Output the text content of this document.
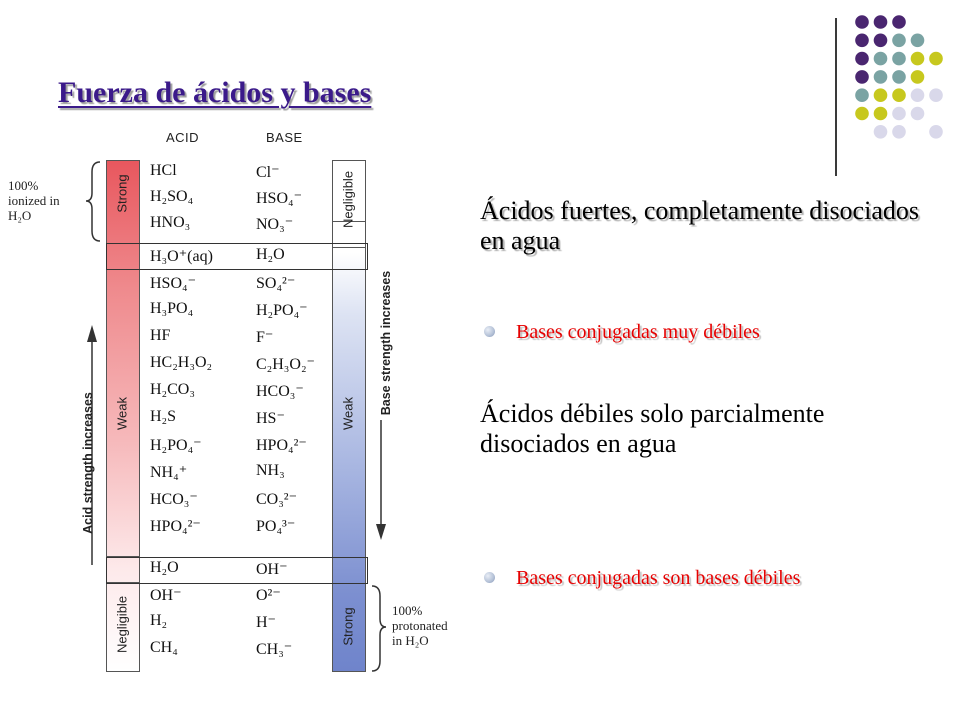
Fuerza de ácidos y bases
ACID	BASE
Strong
Weak
Negligible
Negligible
Weak
Strong
HCl	Cl⁻
H₂SO₄	HSO₄⁻
HNO₃	NO₃⁻
H₃O⁺(aq)	H₂O
HSO₄⁻	SO₄²⁻
H₃PO₄	H₂PO₄⁻
HF	F⁻
HC₂H₃O₂	C₂H₃O₂⁻
H₂CO₃	HCO₃⁻
H₂S	HS⁻
H₂PO₄⁻	HPO₄²⁻
NH₄⁺	NH₃
HCO₃⁻	CO₃²⁻
HPO₄²⁻	PO₄³⁻
H₂O	OH⁻
OH⁻	O²⁻
H₂	H⁻
CH₄	CH₃⁻
100%
ionized in
H₂O
100%
protonated
in H₂O
Acid strength increases
Base strength increases
Ácidos fuertes, completamente disociados en agua
Bases conjugadas muy débiles
Ácidos débiles solo parcialmente disociados en agua
Bases conjugadas son bases débiles
